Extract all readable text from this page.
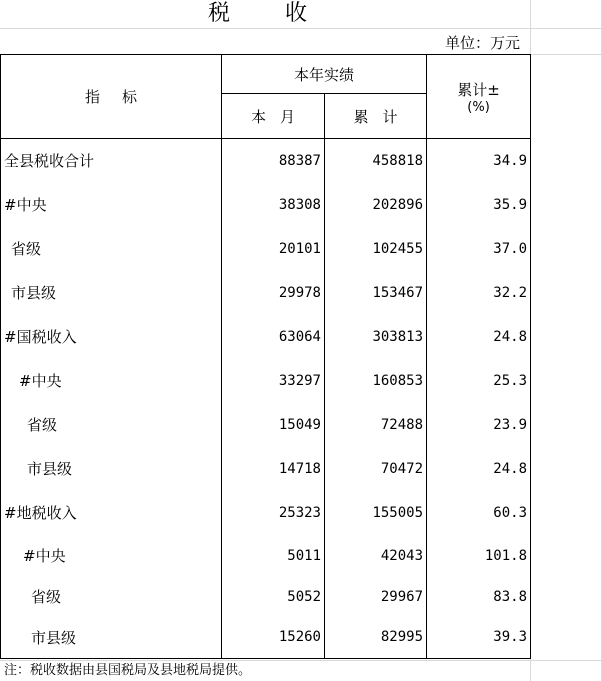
税收
单位：万元
指标	本年实绩		累计±
(%)

	本月	累计	
全县税收合计	88387	458818	34.9
#中央	38308	202896	35.9
省级	20101	102455	37.0
市县级	29978	153467	32.2
#国税收入	63064	303813	24.8
#中央	33297	160853	25.3
省级	15049	72488	23.9
市县级	14718	70472	24.8
#地税收入	25323	155005	60.3
#中央	5011	42043	101.8
省级	5052	29967	83.8
市县级	15260	82995	39.3
注：税收数据由县国税局及县地税局提供。
